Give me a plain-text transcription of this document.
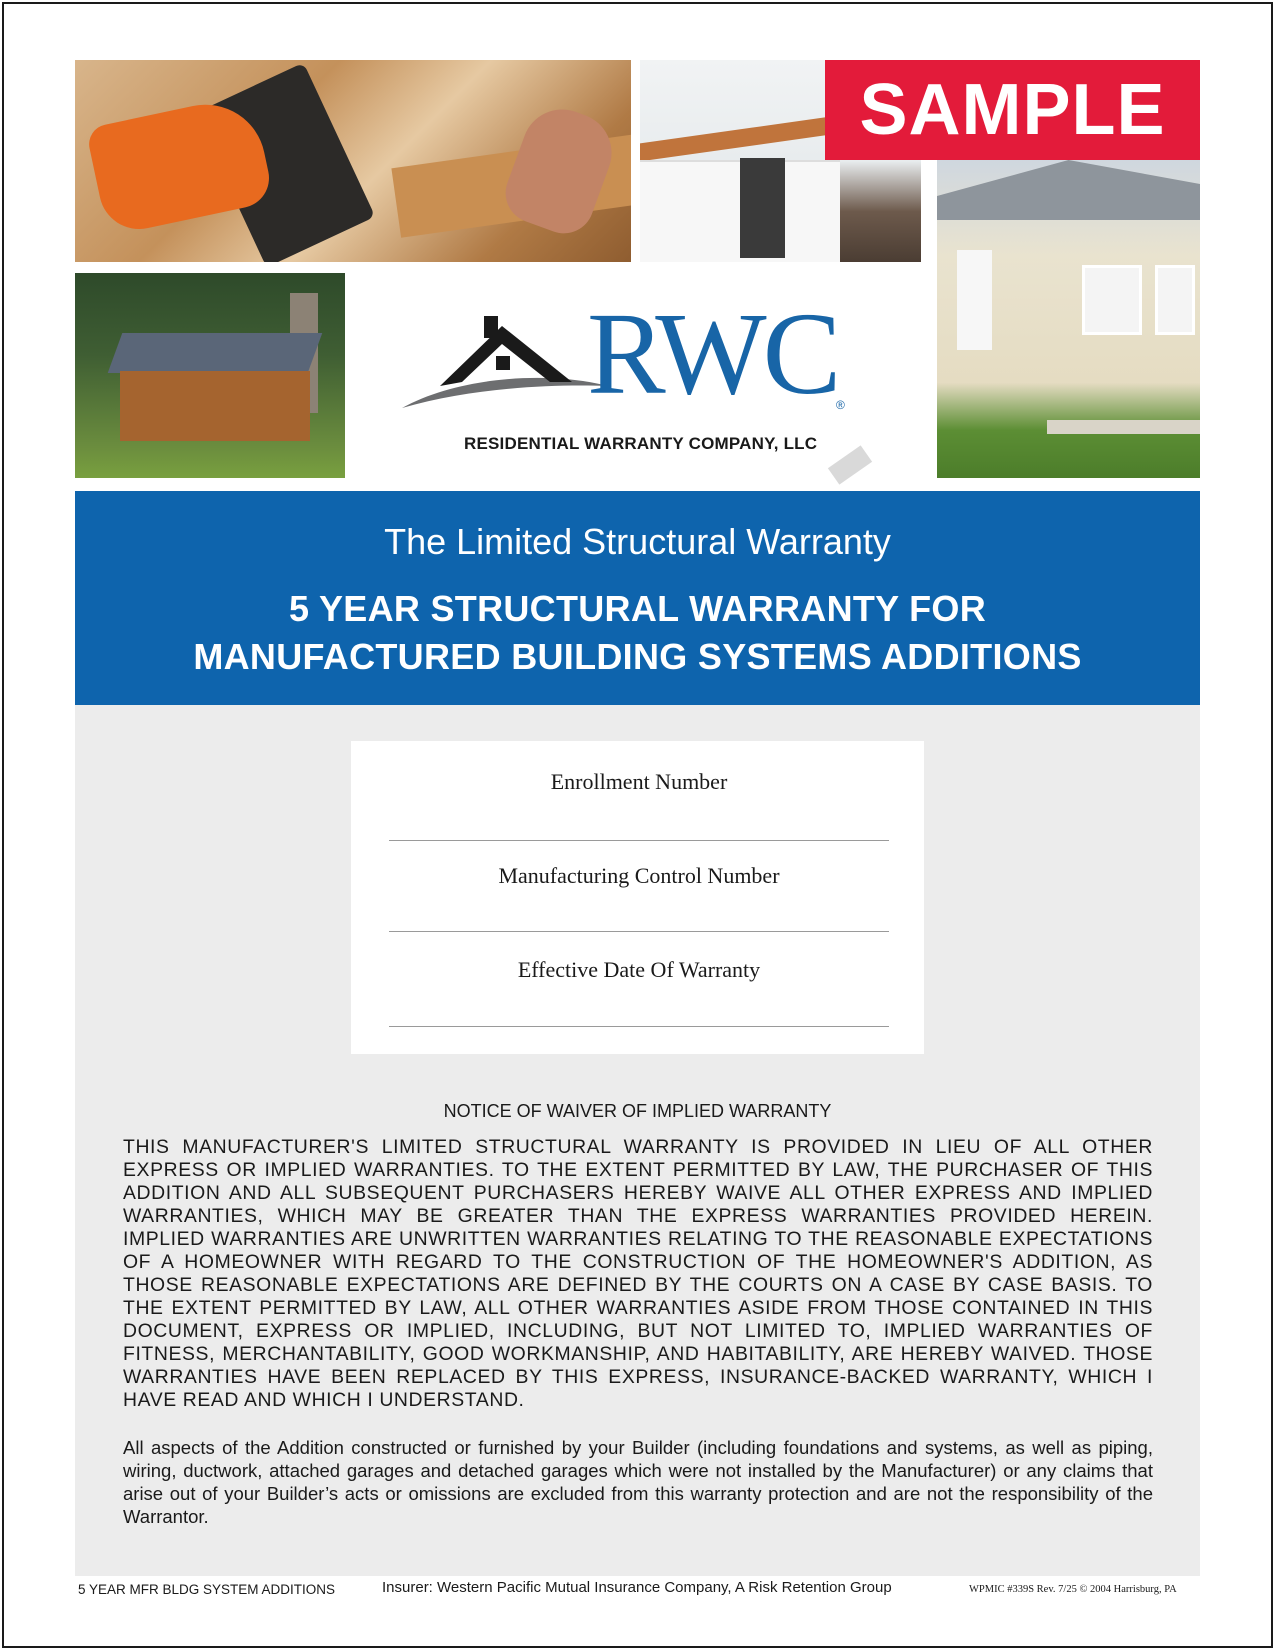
SAMPLE
RWC
®
RESIDENTIAL WARRANTY COMPANY, LLC
The Limited Structural Warranty
5 YEAR STRUCTURAL WARRANTY FOR
MANUFACTURED BUILDING SYSTEMS ADDITIONS
Enrollment Number
Manufacturing Control Number
Effective Date Of Warranty
NOTICE OF WAIVER OF IMPLIED WARRANTY
THIS MANUFACTURER'S LIMITED STRUCTURAL WARRANTY IS PROVIDED IN LIEU OF ALL OTHER EXPRESS OR IMPLIED WARRANTIES. TO THE EXTENT PERMITTED BY LAW, THE PURCHASER OF THIS ADDITION AND ALL SUBSEQUENT PURCHASERS HEREBY WAIVE ALL OTHER EXPRESS AND IMPLIED WARRANTIES, WHICH MAY BE GREATER THAN THE EXPRESS WARRANTIES PROVIDED HEREIN. IMPLIED WARRANTIES ARE UNWRITTEN WARRANTIES RELATING TO THE REASONABLE EXPECTATIONS OF A HOMEOWNER WITH REGARD TO THE CONSTRUCTION OF THE HOMEOWNER'S ADDITION, AS THOSE REASONABLE EXPECTATIONS ARE DEFINED BY THE COURTS ON A CASE BY CASE BASIS. TO THE EXTENT PERMITTED BY LAW, ALL OTHER WARRANTIES ASIDE FROM THOSE CONTAINED IN THIS DOCUMENT, EXPRESS OR IMPLIED, INCLUDING, BUT NOT LIMITED TO, IMPLIED WARRANTIES OF FITNESS, MERCHANTABILITY, GOOD WORKMANSHIP, AND HABITABILITY, ARE HEREBY WAIVED. THOSE WARRANTIES HAVE BEEN REPLACED BY THIS EXPRESS, INSURANCE-BACKED WARRANTY, WHICH I HAVE READ AND WHICH I UNDERSTAND.
All aspects of the Addition constructed or furnished by your Builder (including foundations and systems, as well as piping, wiring, ductwork, attached garages and detached garages which were not installed by the Manufacturer) or any claims that arise out of your Builder’s acts or omissions are excluded from this warranty protection and are not the responsibility of the Warrantor.
5 YEAR MFR BLDG SYSTEM ADDITIONS	Insurer: Western Pacific Mutual Insurance Company, A Risk Retention Group	WPMIC #339S Rev. 7/25 © 2004 Harrisburg, PA
